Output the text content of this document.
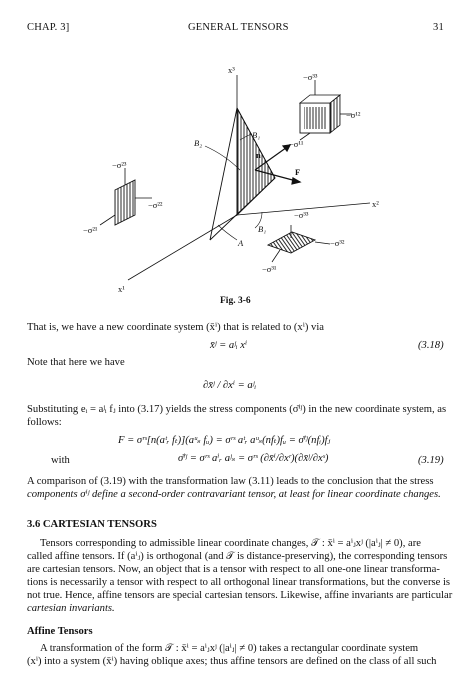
CHAP. 3]	GENERAL TENSORS	31
x³
x²
x¹
−σ³³
−σ¹²
−σ¹¹
−σ²³
−σ²²
−σ²¹
−σ³³
−σ³²
−σ³¹
B₁
B₂
n
F
A
B₁
Fig. 3-6
That is, we have a new coordinate system (x̄ⁱ) that is related to (xⁱ) via
x̄ʲ = aʲᵢ xⁱ	(3.18)
Note that here we have
∂x̄ʲ / ∂xⁱ = aʲᵢ
Substituting eᵢ = aʲᵢ fⱼ into (3.17) yields the stress components (σ̄ⁱʲ) in the new coordinate system, as
follows:
F = σʳˢ[n(aᵗᵣ fₜ)](aᵘₛ fᵤ) = σʳˢ aᵗᵣ aᵘₛ(nfₜ)fᵤ = σ̄ⁱʲ(nfᵢ)fⱼ
with	σ̄ⁱʲ = σʳˢ aⁱᵣ aʲₛ = σʳˢ (∂x̄ⁱ/∂xʳ)(∂x̄ʲ/∂xˢ)	(3.19)
A comparison of (3.19) with the transformation law (3.11) leads to the conclusion that the stress
components σⁱʲ define a second-order contravariant tensor, at least for linear coordinate changes.
3.6 CARTESIAN TENSORS
Tensors corresponding to admissible linear coordinate changes, 𝒯 : x̄ⁱ = aⁱⱼxʲ (|aⁱⱼ| ≠ 0), are
called affine tensors. If (aⁱⱼ) is orthogonal (and 𝒯 is distance-preserving), the corresponding tensors
are cartesian tensors. Now, an object that is a tensor with respect to all one-one linear transforma-
tions is necessarily a tensor with respect to all orthogonal linear transformations, but the converse is
not true. Hence, affine tensors are special cartesian tensors. Likewise, affine invariants are particular
cartesian invariants.
Affine Tensors
A transformation of the form 𝒯 : x̄ⁱ = aⁱⱼxʲ (|aⁱⱼ| ≠ 0) takes a rectangular coordinate system
(xⁱ) into a system (x̄ⁱ) having oblique axes; thus affine tensors are defined on the class of all such
